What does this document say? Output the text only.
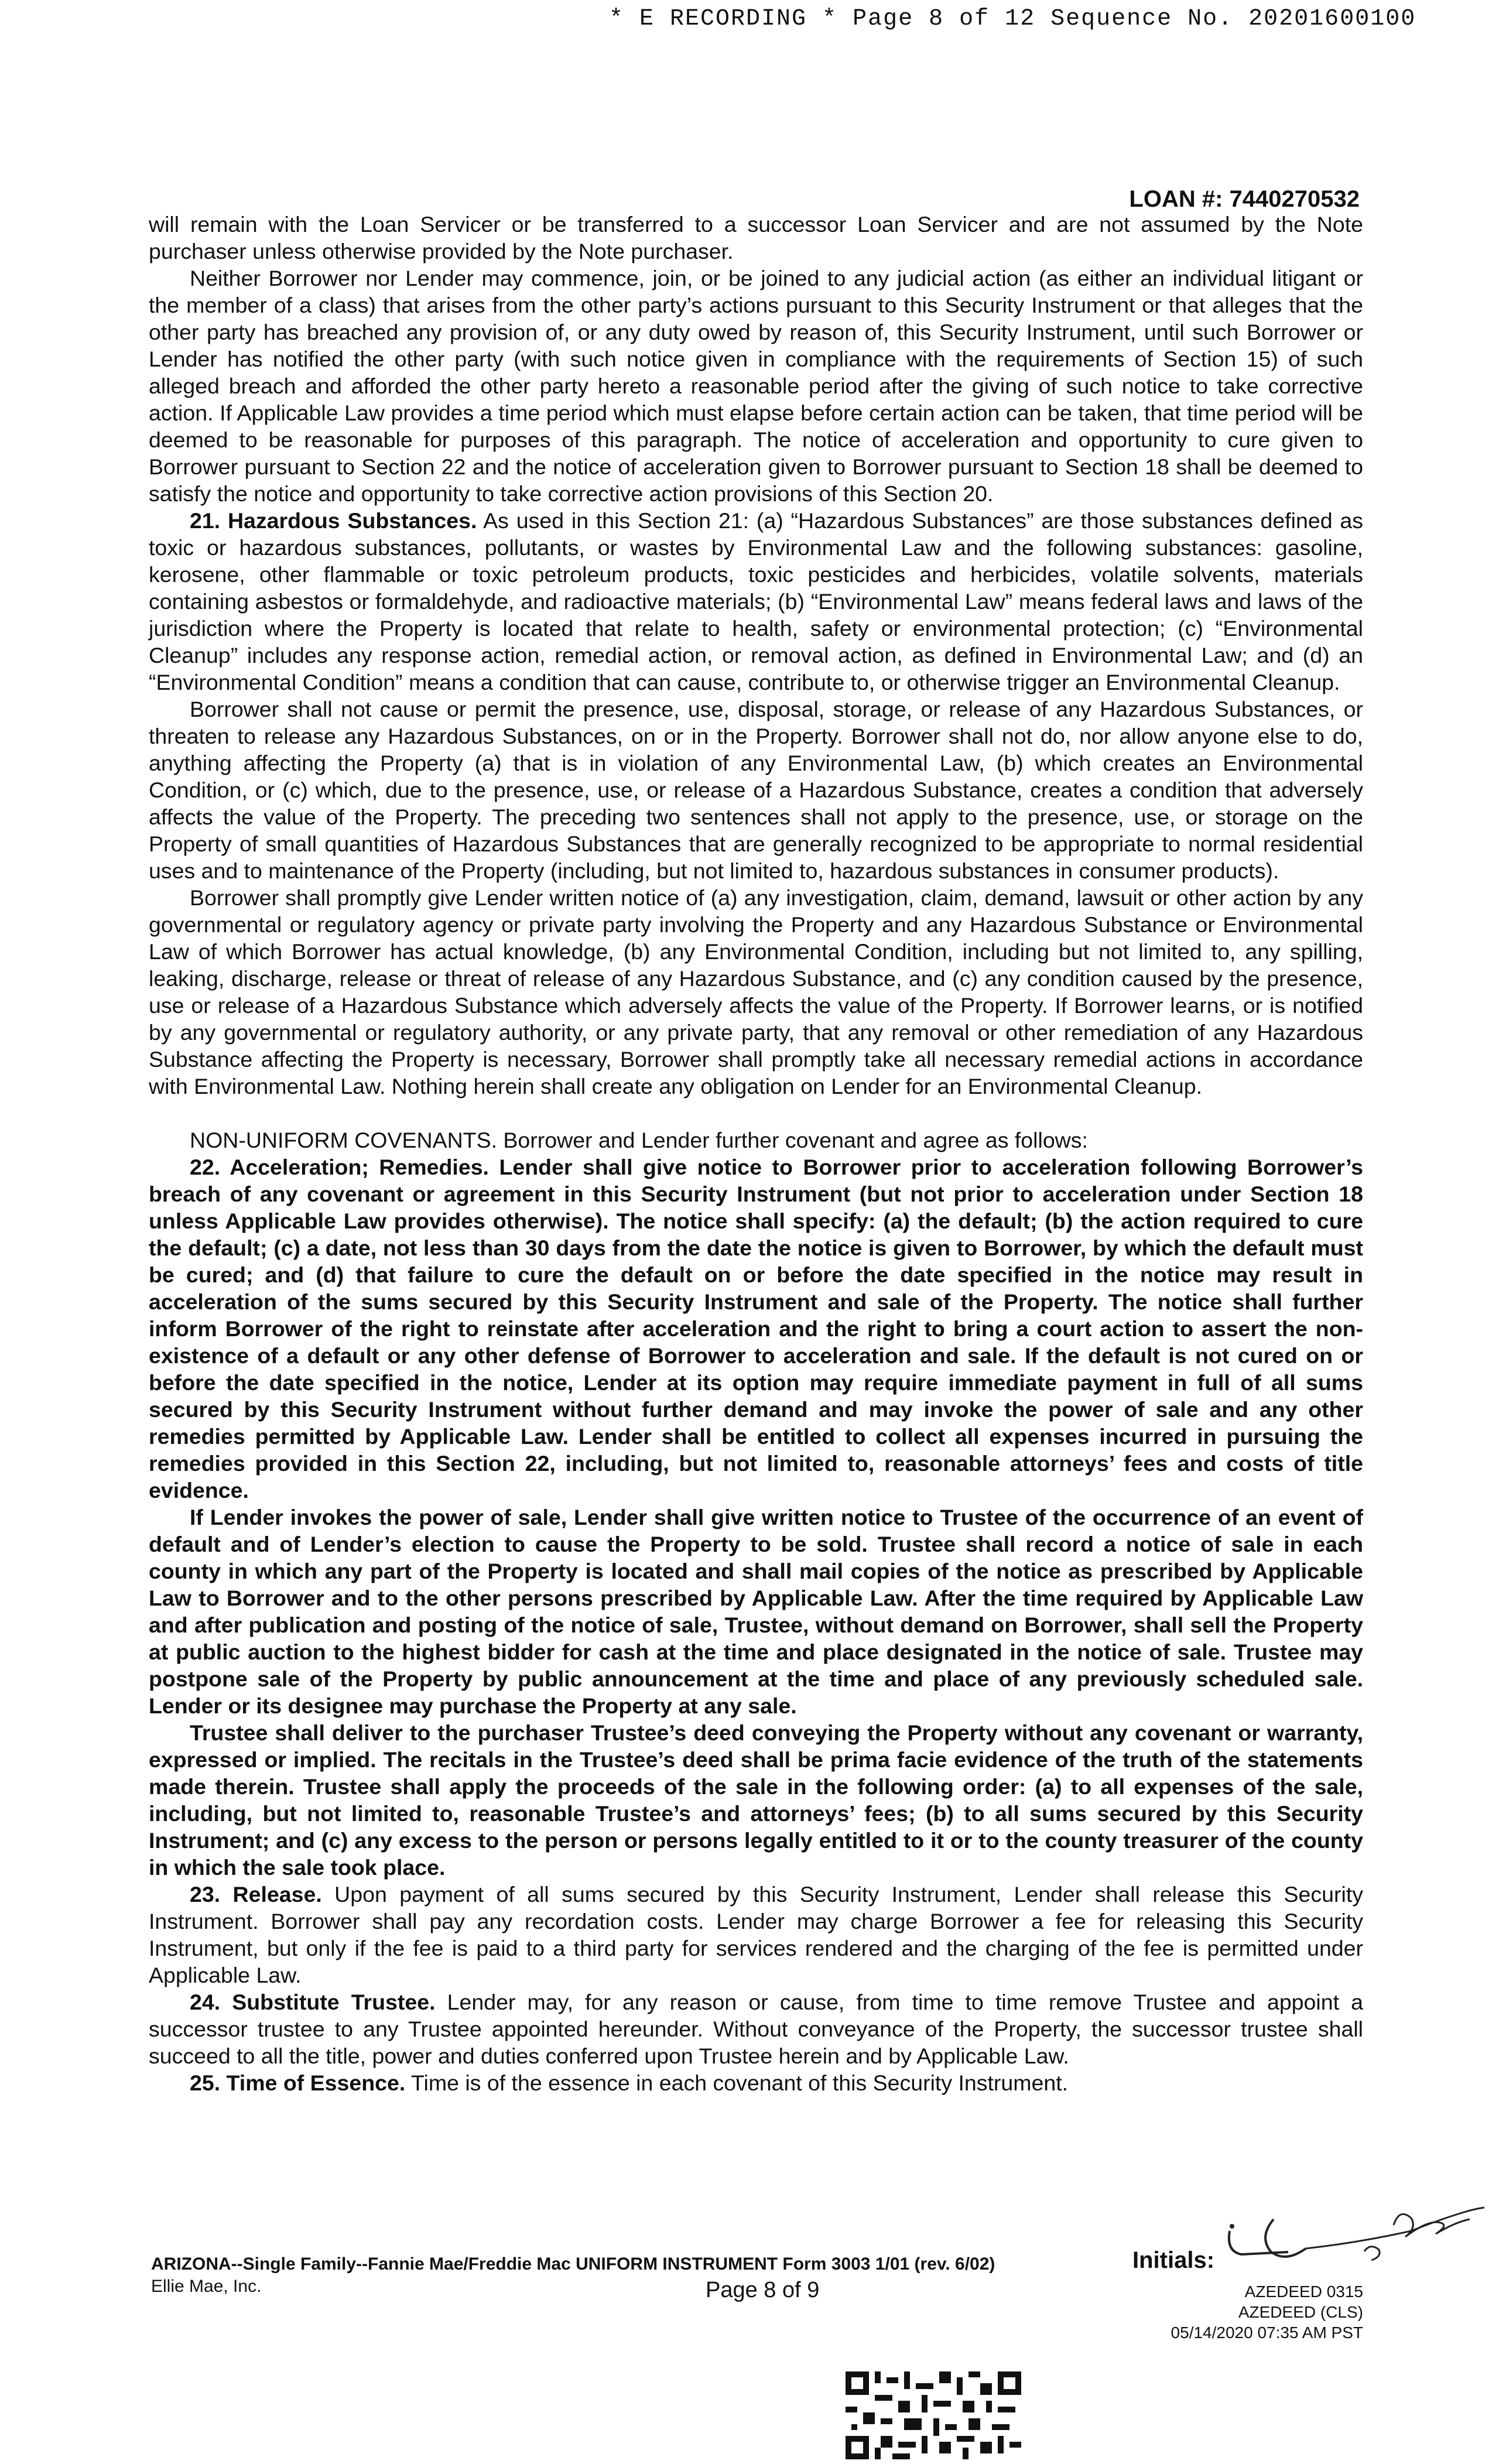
* E RECORDING * Page 8 of 12 Sequence No. 20201600100
LOAN #: 7440270532

will remain with the Loan Servicer or be transferred to a successor Loan Servicer and are not assumed by the Note purchaser unless otherwise provided by the Note purchaser.

Neither Borrower nor Lender may commence, join, or be joined to any judicial action (as either an individual litigant or the member of a class) that arises from the other party’s actions pursuant to this Security Instrument or that alleges that the other party has breached any provision of, or any duty owed by reason of, this Security Instrument, until such Borrower or Lender has notified the other party (with such notice given in compliance with the requirements of Section 15) of such alleged breach and afforded the other party hereto a reasonable period after the giving of such notice to take corrective action. If Applicable Law provides a time period which must elapse before certain action can be taken, that time period will be deemed to be reasonable for purposes of this paragraph. The notice of acceleration and opportunity to cure given to Borrower pursuant to Section 22 and the notice of acceleration given to Borrower pursuant to Section 18 shall be deemed to satisfy the notice and opportunity to take corrective action provisions of this Section 20.

21. Hazardous Substances. As used in this Section 21: (a) “Hazardous Substances” are those substances defined as toxic or hazardous substances, pollutants, or wastes by Environmental Law and the following substances: gasoline, kerosene, other flammable or toxic petroleum products, toxic pesticides and herbicides, volatile solvents, materials containing asbestos or formaldehyde, and radioactive materials; (b) “Environmental Law” means federal laws and laws of the jurisdiction where the Property is located that relate to health, safety or environmental protection; (c) “Environmental Cleanup” includes any response action, remedial action, or removal action, as defined in Environmental Law; and (d) an “Environmental Condition” means a condition that can cause, contribute to, or otherwise trigger an Environmental Cleanup.

Borrower shall not cause or permit the presence, use, disposal, storage, or release of any Hazardous Substances, or threaten to release any Hazardous Substances, on or in the Property. Borrower shall not do, nor allow anyone else to do, anything affecting the Property (a) that is in violation of any Environmental Law, (b) which creates an Environmental Condition, or (c) which, due to the presence, use, or release of a Hazardous Substance, creates a condition that adversely affects the value of the Property. The preceding two sentences shall not apply to the presence, use, or storage on the Property of small quantities of Hazardous Substances that are generally recognized to be appropriate to normal residential uses and to maintenance of the Property (including, but not limited to, hazardous substances in consumer products).

Borrower shall promptly give Lender written notice of (a) any investigation, claim, demand, lawsuit or other action by any governmental or regulatory agency or private party involving the Property and any Hazardous Substance or Environmental Law of which Borrower has actual knowledge, (b) any Environmental Condition, including but not limited to, any spilling, leaking, discharge, release or threat of release of any Hazardous Substance, and (c) any condition caused by the presence, use or release of a Hazardous Substance which adversely affects the value of the Property. If Borrower learns, or is notified by any governmental or regulatory authority, or any private party, that any removal or other remediation of any Hazardous Substance affecting the Property is necessary, Borrower shall promptly take all necessary remedial actions in accordance with Environmental Law. Nothing herein shall create any obligation on Lender for an Environmental Cleanup.

NON-UNIFORM COVENANTS. Borrower and Lender further covenant and agree as follows:

22. Acceleration; Remedies. Lender shall give notice to Borrower prior to acceleration following Borrower’s breach of any covenant or agreement in this Security Instrument (but not prior to acceleration under Section 18 unless Applicable Law provides otherwise). The notice shall specify: (a) the default; (b) the action required to cure the default; (c) a date, not less than 30 days from the date the notice is given to Borrower, by which the default must be cured; and (d) that failure to cure the default on or before the date specified in the notice may result in acceleration of the sums secured by this Security Instrument and sale of the Property. The notice shall further inform Borrower of the right to reinstate after acceleration and the right to bring a court action to assert the non-existence of a default or any other defense of Borrower to acceleration and sale. If the default is not cured on or before the date specified in the notice, Lender at its option may require immediate payment in full of all sums secured by this Security Instrument without further demand and may invoke the power of sale and any other remedies permitted by Applicable Law. Lender shall be entitled to collect all expenses incurred in pursuing the remedies provided in this Section 22, including, but not limited to, reasonable attorneys’ fees and costs of title evidence.

If Lender invokes the power of sale, Lender shall give written notice to Trustee of the occurrence of an event of default and of Lender’s election to cause the Property to be sold. Trustee shall record a notice of sale in each county in which any part of the Property is located and shall mail copies of the notice as prescribed by Applicable Law to Borrower and to the other persons prescribed by Applicable Law. After the time required by Applicable Law and after publication and posting of the notice of sale, Trustee, without demand on Borrower, shall sell the Property at public auction to the highest bidder for cash at the time and place designated in the notice of sale. Trustee may postpone sale of the Property by public announcement at the time and place of any previously scheduled sale. Lender or its designee may purchase the Property at any sale.

Trustee shall deliver to the purchaser Trustee’s deed conveying the Property without any covenant or warranty, expressed or implied. The recitals in the Trustee’s deed shall be prima facie evidence of the truth of the statements made therein. Trustee shall apply the proceeds of the sale in the following order: (a) to all expenses of the sale, including, but not limited to, reasonable Trustee’s and attorneys’ fees; (b) to all sums secured by this Security Instrument; and (c) any excess to the person or persons legally entitled to it or to the county treasurer of the county in which the sale took place.

23. Release. Upon payment of all sums secured by this Security Instrument, Lender shall release this Security Instrument. Borrower shall pay any recordation costs. Lender may charge Borrower a fee for releasing this Security Instrument, but only if the fee is paid to a third party for services rendered and the charging of the fee is permitted under Applicable Law.

24. Substitute Trustee. Lender may, for any reason or cause, from time to time remove Trustee and appoint a successor trustee to any Trustee appointed hereunder. Without conveyance of the Property, the successor trustee shall succeed to all the title, power and duties conferred upon Trustee herein and by Applicable Law.

25. Time of Essence. Time is of the essence in each covenant of this Security Instrument.

ARIZONA--Single Family--Fannie Mae/Freddie Mac UNIFORM INSTRUMENT Form 3003 1/01 (rev. 6/02)
Ellie Mae, Inc.	Page 8 of 9
Initials:
AZEDEED 0315
AZEDEED (CLS)
05/14/2020 07:35 AM PST
